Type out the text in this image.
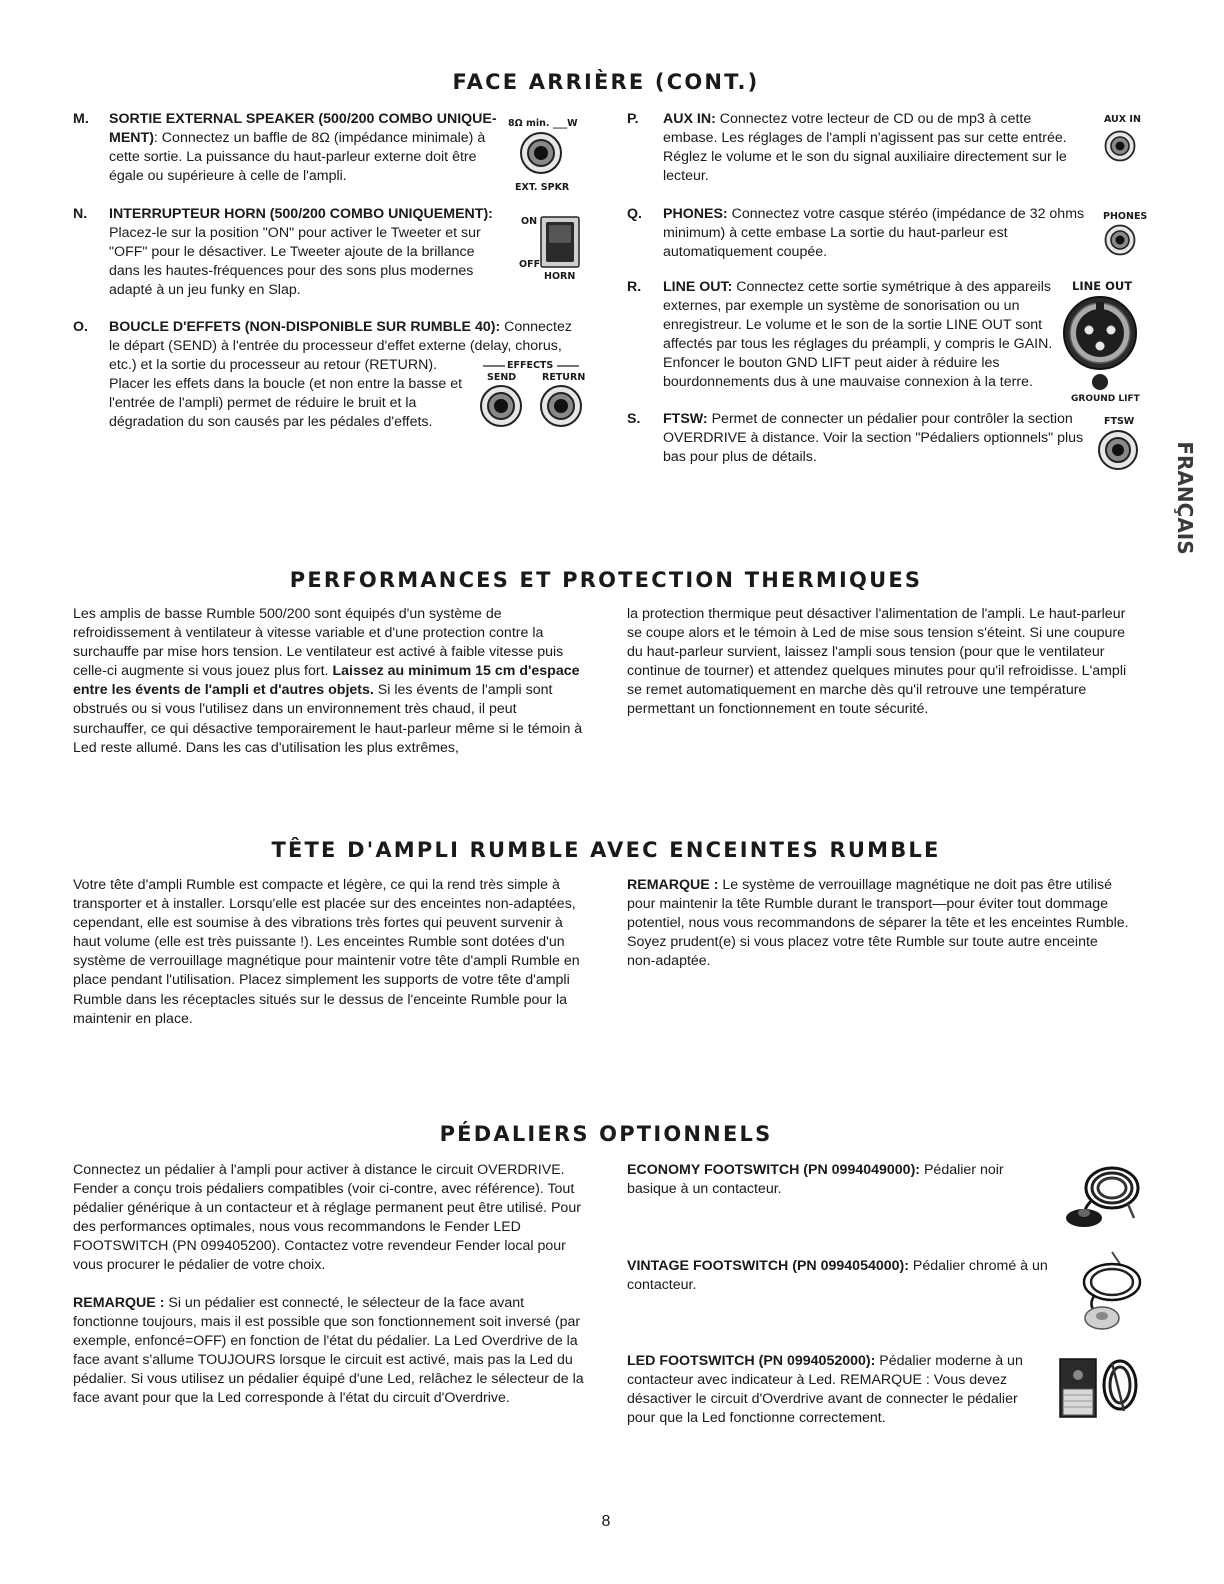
FRANÇAIS
FACE ARRIÈRE (CONT.)
M. SORTIE EXTERNAL SPEAKER (500/200 COMBO UNIQUE-MENT): Connectez un baffle de 8Ω (impédance minimale) à cette sortie. La puissance du haut-parleur externe doit être égale ou supérieure à celle de l'ampli.
8Ω min. ___W
EXT. SPKR
N. INTERRUPTEUR HORN (500/200 COMBO UNIQUEMENT): Placez-le sur la position "ON" pour activer le Tweeter et sur "OFF" pour le désactiver. Le Tweeter ajoute de la brillance dans les hautes-fréquences pour des sons plus modernes adapté à un jeu funky en Slap.
ON
OFF
HORN
O. BOUCLE D'EFFETS (NON-DISPONIBLE SUR RUMBLE 40): Connectez le départ (SEND) à l'entrée du processeur d'effet externe (delay, chorus, etc.) et la sortie du processeur au retour (RETURN).
Placer les effets dans la boucle (et non entre la basse et l'entrée de l'ampli) permet de réduire le bruit et la dégradation du son causés par les pédales d'effets.
EFFECTS
SEND	RETURN
P. AUX IN: Connectez votre lecteur de CD ou de mp3 à cette embase. Les réglages de l'ampli n'agissent pas sur cette entrée. Réglez le volume et le son du signal auxiliaire directement sur le lecteur.
AUX IN
Q. PHONES: Connectez votre casque stéréo (impédance de 32 ohms minimum) à cette embase La sortie du haut-parleur est automatiquement coupée.
PHONES
R. LINE OUT: Connectez cette sortie symétrique à des appareils externes, par exemple un système de sonorisation ou un enregistreur. Le volume et le son de la sortie LINE OUT sont affectés par tous les réglages du préampli, y compris le GAIN. Enfoncer le bouton GND LIFT peut aider à réduire les bourdonnements dus à une mauvaise connexion à la terre.
LINE OUT
GROUND LIFT
S. FTSW: Permet de connecter un pédalier pour contrôler la section OVERDRIVE à distance. Voir la section "Pédaliers optionnels" plus bas pour plus de détails.
FTSW
PERFORMANCES ET PROTECTION THERMIQUES

Les amplis de basse Rumble 500/200 sont équipés d'un système de refroidissement à ventilateur à vitesse variable et d'une protection contre la surchauffe par mise hors tension. Le ventilateur est activé à faible vitesse puis celle-ci augmente si vous jouez plus fort. Laissez au minimum 15 cm d'espace entre les évents de l'ampli et d'autres objets. Si les évents de l'ampli sont obstrués ou si vous l'utilisez dans un environnement très chaud, il peut surchauffer, ce qui désactive temporairement le haut-parleur même si le témoin à Led reste allumé. Dans les cas d'utilisation les plus extrêmes,

la protection thermique peut désactiver l'alimentation de l'ampli. Le haut-parleur se coupe alors et le témoin à Led de mise sous tension s'éteint. Si une coupure du haut-parleur survient, laissez l'ampli sous tension (pour que le ventilateur continue de tourner) et attendez quelques minutes pour qu'il refroidisse. L'ampli se remet automatiquement en marche dès qu'il retrouve une température permettant un fonctionnement en toute sécurité.

TÊTE D'AMPLI RUMBLE AVEC ENCEINTES RUMBLE

Votre tête d'ampli Rumble est compacte et légère, ce qui la rend très simple à transporter et à installer. Lorsqu'elle est placée sur des enceintes non-adaptées, cependant, elle est soumise à des vibrations très fortes qui peuvent survenir à haut volume (elle est très puissante !). Les enceintes Rumble sont dotées d'un système de verrouillage magnétique pour maintenir votre tête d'ampli Rumble en place pendant l'utilisation. Placez simplement les supports de votre tête d'ampli Rumble dans les réceptacles situés sur le dessus de l'enceinte Rumble pour la maintenir en place.

REMARQUE : Le système de verrouillage magnétique ne doit pas être utilisé pour maintenir la tête Rumble durant le transport—pour éviter tout dommage potentiel, nous vous recommandons de séparer la tête et les enceintes Rumble. Soyez prudent(e) si vous placez votre tête Rumble sur toute autre enceinte non-adaptée.

PÉDALIERS OPTIONNELS

Connectez un pédalier à l'ampli pour activer à distance le circuit OVERDRIVE. Fender a conçu trois pédaliers compatibles (voir ci-contre, avec référence). Tout pédalier générique à un contacteur et à réglage permanent peut être utilisé. Pour des performances optimales, nous vous recommandons le Fender LED FOOTSWITCH (PN 099405200). Contactez votre revendeur Fender local pour vous procurer le pédalier de votre choix.

REMARQUE : Si un pédalier est connecté, le sélecteur de la face avant fonctionne toujours, mais il est possible que son fonctionnement soit inversé (par exemple, enfoncé=OFF) en fonction de l'état du pédalier. La Led Overdrive de la face avant s'allume TOUJOURS lorsque le circuit est activé, mais pas la Led du pédalier. Si vous utilisez un pédalier équipé d'une Led, relâchez le sélecteur de la face avant pour que la Led corresponde à l'état du circuit d'Overdrive.

ECONOMY FOOTSWITCH (PN 0994049000): Pédalier noir basique à un contacteur.

VINTAGE FOOTSWITCH (PN 0994054000): Pédalier chromé à un contacteur.

LED FOOTSWITCH (PN 0994052000): Pédalier moderne à un contacteur avec indicateur à Led. REMARQUE : Vous devez désactiver le circuit d'Overdrive avant de connecter le pédalier pour que la Led fonctionne correctement.

8
